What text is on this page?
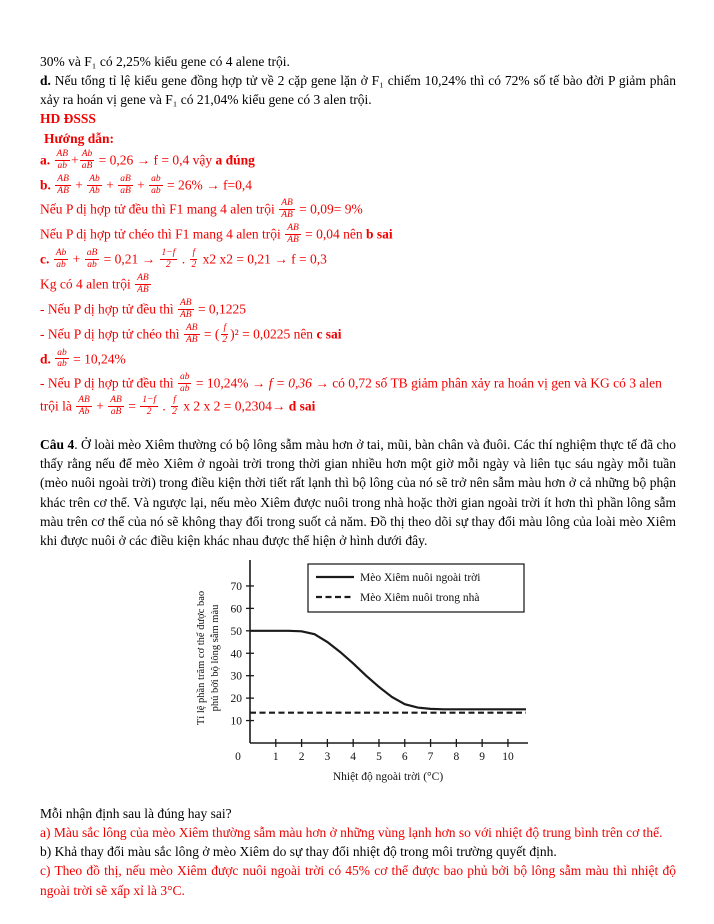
30% và F₁ có 2,25% kiểu gene có 4 alene trội.

d. Nếu tổng tỉ lệ kiểu gene đồng hợp tử về 2 cặp gene lặn ở F₁ chiếm 10,24% thì có 72% số tế bào đời P giảm phân xảy ra hoán vị gene và F₁ có 21,04% kiểu gene có 3 alen trội.

HD ĐSSS

Hướng dẫn:

a. $\frac{AB}{ab} + \frac{Ab}{aB} = 0,26 \to f = 0,4$ vậy a đúng
b. $\frac{AB}{AB} + \frac{Ab}{Ab} + \frac{aB}{aB} + \frac{ab}{ab} = 26\% \to f=0,4$
Nếu P dị hợp tử đều thì F1 mang 4 alen trội $\frac{AB}{AB} = 0,09= 9\%$
Nếu P dị hợp tử chéo thì F1 mang 4 alen trội $\frac{AB}{AB} = 0,04$ nên b sai
c. $\frac{Ab}{ab} + \frac{aB}{ab} = 0,21 \to \frac{1-f}{2}$ . $\frac{f}{2} x2$ x2 = 0,21 → f = 0,3
Kg có 4 alen trội $\frac{AB}{AB}$
- Nếu P dị hợp tử đều thì $\frac{AB}{AB} = 0,1225$
- Nếu P dị hợp tử chéo thì $\frac{AB}{AB}$ = ( $\frac{f}{2} )^2 = 0,0225$ nên c sai
d. $\frac{ab}{ab} = 10,24\%$
- Nếu P dị hợp tử đều thì $\frac{ab}{ab} = 10,24\% \to f = 0,36$ → có 0,72 số TB giảm phân xảy ra hoán vị gen và KG có 3 alen trội là $\frac{AB}{Ab} + \frac{AB}{aB} = \frac{1-f}{2}$ . $\frac{f}{2}$ x 2 x 2 = 0,2304→ d sai

Câu 4. Ở loài mèo Xiêm thường có bộ lông sẫm màu hơn ở tai, mũi, bàn chân và đuôi. Các thí nghiệm thực tế đã cho thấy rằng nếu để mèo Xiêm ở ngoài trời trong thời gian nhiều hơn một giờ mỗi ngày và liên tục sáu ngày mỗi tuần (mèo nuôi ngoài trời) trong điều kiện thời tiết rất lạnh thì bộ lông của nó sẽ trở nên sẫm màu hơn ở cả những bộ phận khác trên cơ thể. Và ngược lại, nếu mèo Xiêm được nuôi trong nhà hoặc thời gian ngoài trời ít hơn thì phần lông sẫm màu trên cơ thể của nó sẽ không thay đổi trong suốt cả năm. Đồ thị theo dõi sự thay đổi màu lông của loài mèo Xiêm khi được nuôi ở các điều kiện khác nhau được thể hiện ở hình dưới đây.

0	1 2 3 4 5 6 7 8 9 10
10
20
30
40
50
60
70
Mèo Xiêm nuôi ngoài trời
Mèo Xiêm nuôi trong nhà
Nhiệt độ ngoài trời (°C)
Tỉ lệ phần trăm cơ thể được bao phủ bởi bộ lông sẫm màu

Mỗi nhận định sau là đúng hay sai?

a) Màu sắc lông của mèo Xiêm thường sẫm màu hơn ở những vùng lạnh hơn so với nhiệt độ trung bình trên cơ thể.

b) Khả thay đổi màu sắc lông ở mèo Xiêm do sự thay đổi nhiệt độ trong môi trường quyết định.

c) Theo đồ thị, nếu mèo Xiêm được nuôi ngoài trời có 45% cơ thể được bao phủ bởi bộ lông sẫm màu thì nhiệt độ ngoài trời sẽ xấp xỉ là 3°C.
